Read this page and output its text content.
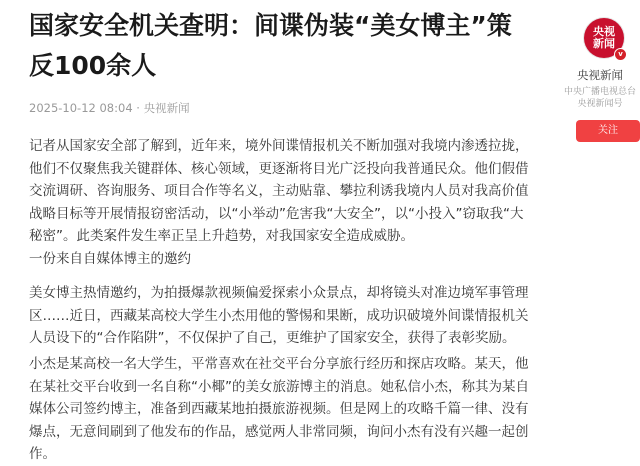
国家安全机关查明：间谍伪装“美女博主”策反100余人
2025-10-12 08:04 · 央视新闻

记者从国家安全部了解到，近年来，境外间谍情报机关不断加强对我境内渗透拉拢，他们不仅聚焦我关键群体、核心领域，更逐渐将目光广泛投向我普通民众。他们假借交流调研、咨询服务、项目合作等名义，主动贴靠、攀拉利诱我境内人员对我高价值战略目标等开展情报窃密活动，以“小举动”危害我“大安全”，以“小投入”窃取我“大秘密”。此类案件发生率正呈上升趋势，对我国家安全造成威胁。

一份来自自媒体博主的邀约

美女博主热情邀约，为拍摄爆款视频偏爱探索小众景点，却将镜头对准边境军事管理区……近日，西藏某高校大学生小杰用他的警惕和果断，成功识破境外间谍情报机关人员设下的“合作陷阱”，不仅保护了自己，更维护了国家安全，获得了表彰奖励。

小杰是某高校一名大学生，平常喜欢在社交平台分享旅行经历和探店攻略。某天，他在某社交平台收到一名自称“小椰”的美女旅游博主的消息。她私信小杰，称其为某自媒体公司签约博主，准备到西藏某地拍摄旅游视频。但是网上的攻略千篇一律、没有爆点，无意间刷到了他发布的作品，感觉两人非常同频，询问小杰有没有兴趣一起创作。

央视
新闻
v
央视新闻
中央广播电视总台央视新闻号
关注
